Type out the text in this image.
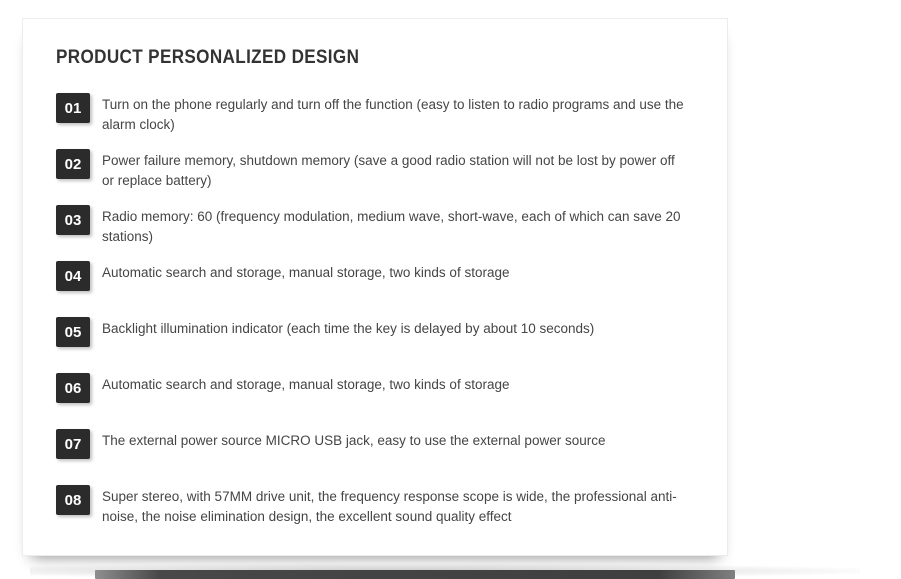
PRODUCT PERSONALIZED DESIGN
01	Turn on the phone regularly and turn off the function (easy to listen to radio programs and use the alarm clock)

02	Power failure memory, shutdown memory (save a good radio station will not be lost by power off or replace battery)

03	Radio memory: 60 (frequency modulation, medium wave, short-wave, each of which can save 20 stations)

04	Automatic search and storage, manual storage, two kinds of storage

05	Backlight illumination indicator (each time the key is delayed by about 10 seconds)

06	Automatic search and storage, manual storage, two kinds of storage

07	The external power source MICRO USB jack, easy to use the external power source

08	Super stereo, with 57MM drive unit, the frequency response scope is wide, the professional anti-noise, the noise elimination design, the excellent sound quality effect
